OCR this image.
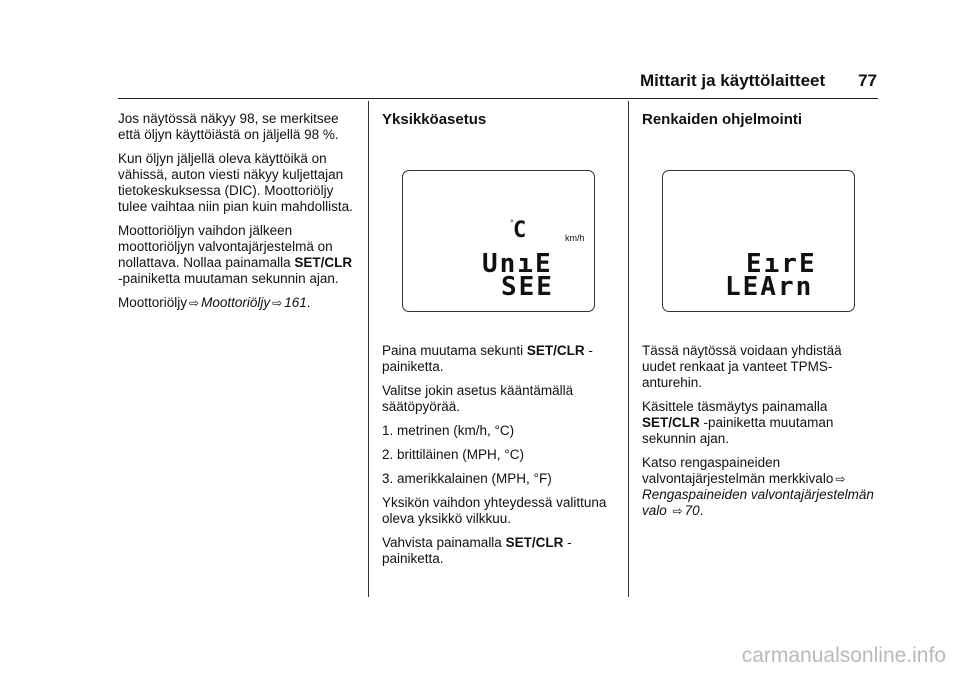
Mittarit ja käyttölaitteet 77

Jos näytössä näkyy 98, se merkitsee että öljyn käyttöiästä on jäljellä 98 %.

Kun öljyn jäljellä oleva käyttöikä on vähissä, auton viesti näkyy kuljettajan tietokeskuksessa (DIC). Moottoriöljy tulee vaihtaa niin pian kuin mahdollista.

Moottoriöljyn vaihdon jälkeen moottoriöljyn valvontajärjestelmä on nollattava. Nollaa painamalla SET/CLR -painiketta muutaman sekunnin ajan.

Moottoriöljy ⇨ Moottoriöljy ⇨ 161.

Yksikköasetus
° C	km/h
UnıE
SEE

Paina muutama sekunti SET/CLR -painiketta.

Valitse jokin asetus kääntämällä säätöpyörää.

1. metrinen (km/h, °C)

2. brittiläinen (MPH, °C)

3. amerikkalainen (MPH, °F)

Yksikön vaihdon yhteydessä valittuna oleva yksikkö vilkkuu.

Vahvista painamalla SET/CLR -painiketta.

Renkaiden ohjelmointi
EırE
LEArn

Tässä näytössä voidaan yhdistää uudet renkaat ja vanteet TPMS-anturehin.

Käsittele täsmäytys painamalla SET/CLR -painiketta muutaman sekunnin ajan.

Katso rengaspaineiden valvontajärjestelmän merkkivalo ⇨Rengaspaineiden valvontajärjestelmän valo ⇨ 70.

carmanualsonline.info
